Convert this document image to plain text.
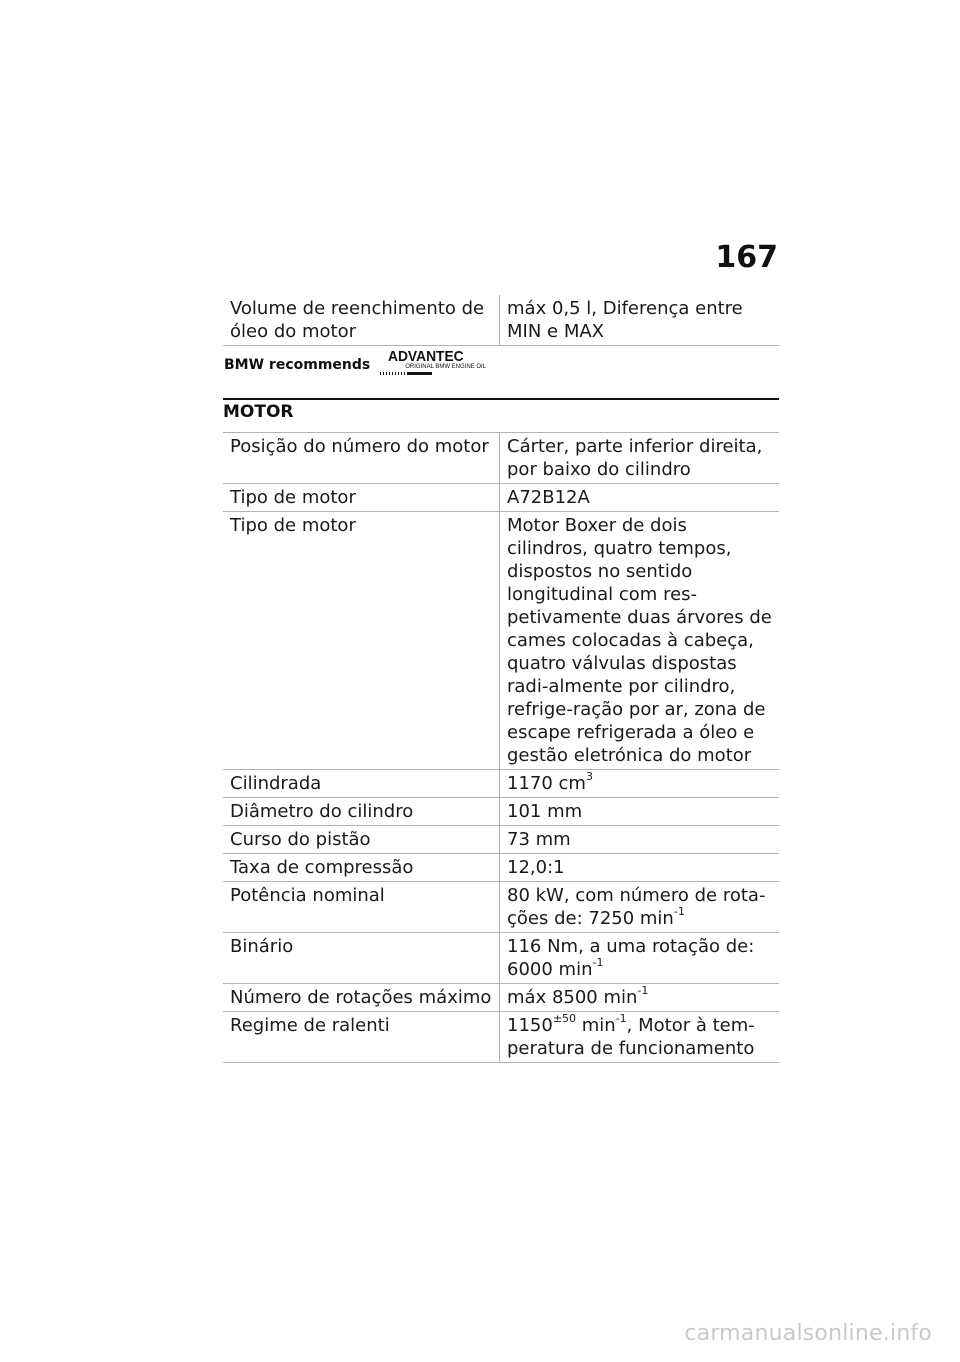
167
Volume de reenchimento de óleo do motor	máx 0,5 l, Diferença entre MIN e MAX
BMW recommends ADVANTEC
ORIGINAL BMW ENGINE OIL
MOTOR
Posição do número do motor	Cárter, parte inferior direita, por baixo do cilindro
Tipo de motor	A72B12A
Tipo de motor	Motor Boxer de dois cilindros, quatro tempos, dispostos no sentido longitudinal com res-petivamente duas árvores de cames colocadas à cabeça, quatro válvulas dispostas radi-almente por cilindro, refrige-ração por ar, zona de escape refrigerada a óleo e gestão eletrónica do motor
Cilindrada	1170 $cm^3$
Diâmetro do cilindro	101 mm
Curso do pistão	73 mm
Taxa de compressão	12,0:1
Potência nominal	80 kW, com número de rota-ções de: 7250 $\min^{-1}$
Binário	116 Nm, a uma rotação de: 6000 $\min^{-1}$
Número de rotações máximo	máx 8500 $\min^{-1}$
Regime de ralenti	$1150^{\pm 50}$ $\min^{-1}$, Motor à tem-peratura de funcionamento
carmanualsonline.info
